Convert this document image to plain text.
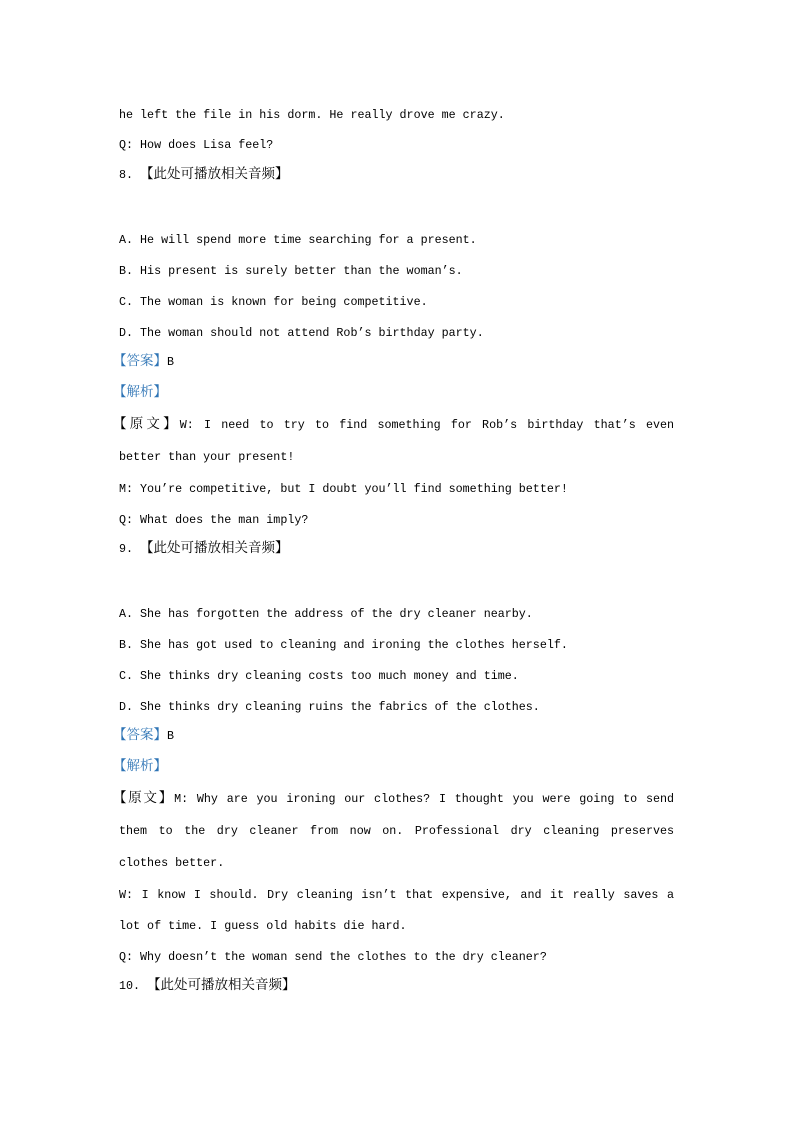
he left the file in his dorm. He really drove me crazy.
Q: How does Lisa feel?
8. 【此处可播放相关音频】
A. He will spend more time searching for a present.
B. His present is surely better than the woman’s.
C. The woman is known for being competitive.
D. The woman should not attend Rob’s birthday party.
【答案】B
【解析】
【原文】W: I need to try to find something for Rob’s birthday that’s even
better than your present!
M: You’re competitive, but I doubt you’ll find something better!
Q: What does the man imply?
9. 【此处可播放相关音频】
A. She has forgotten the address of the dry cleaner nearby.
B. She has got used to cleaning and ironing the clothes herself.
C. She thinks dry cleaning costs too much money and time.
D. She thinks dry cleaning ruins the fabrics of the clothes.
【答案】B
【解析】
【原文】M: Why are you ironing our clothes? I thought you were going to send
them to the dry cleaner from now on. Professional dry cleaning preserves
clothes better.
W: I know I should. Dry cleaning isn’t that expensive, and it really saves a
lot of time. I guess old habits die hard.
Q: Why doesn’t the woman send the clothes to the dry cleaner?
10. 【此处可播放相关音频】
